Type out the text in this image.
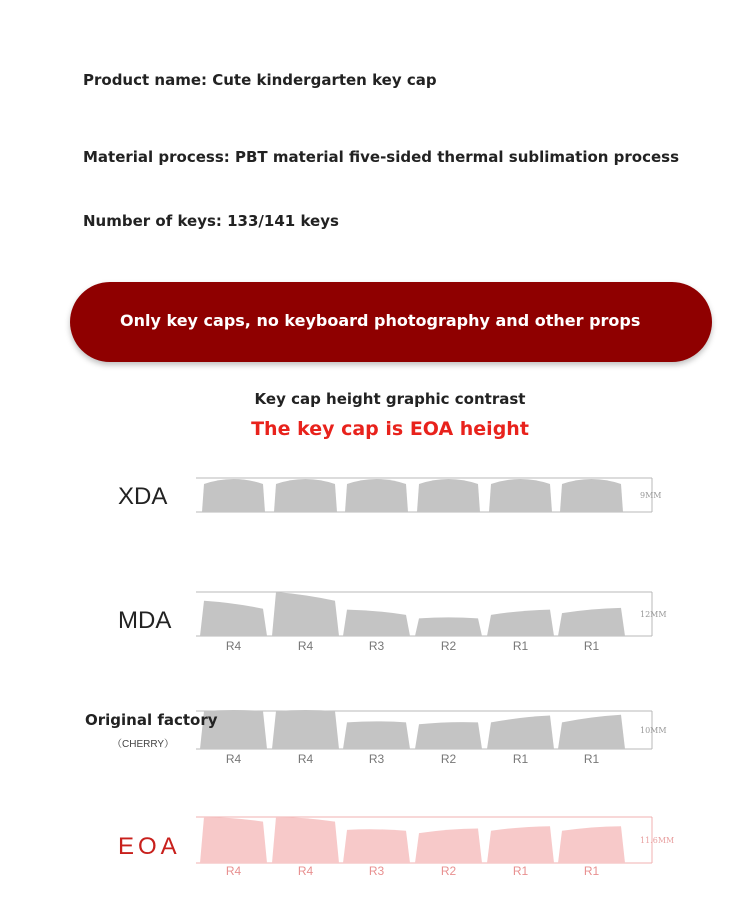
Product name: Cute kindergarten key cap

Material process: PBT material five-sided thermal sublimation process

Number of keys: 133/141 keys

Only key caps, no keyboard photography and other props
Key cap height graphic contrast
The key cap is EOA height
9MM
XDA
12MM
R4	R4	R3	R2	R1	R1
MDA
10MM
R4	R4	R3	R2	R1	R1
Original factory
（CHERRY）
11.6MM
R4	R4	R3	R2	R1	R1
EOA
